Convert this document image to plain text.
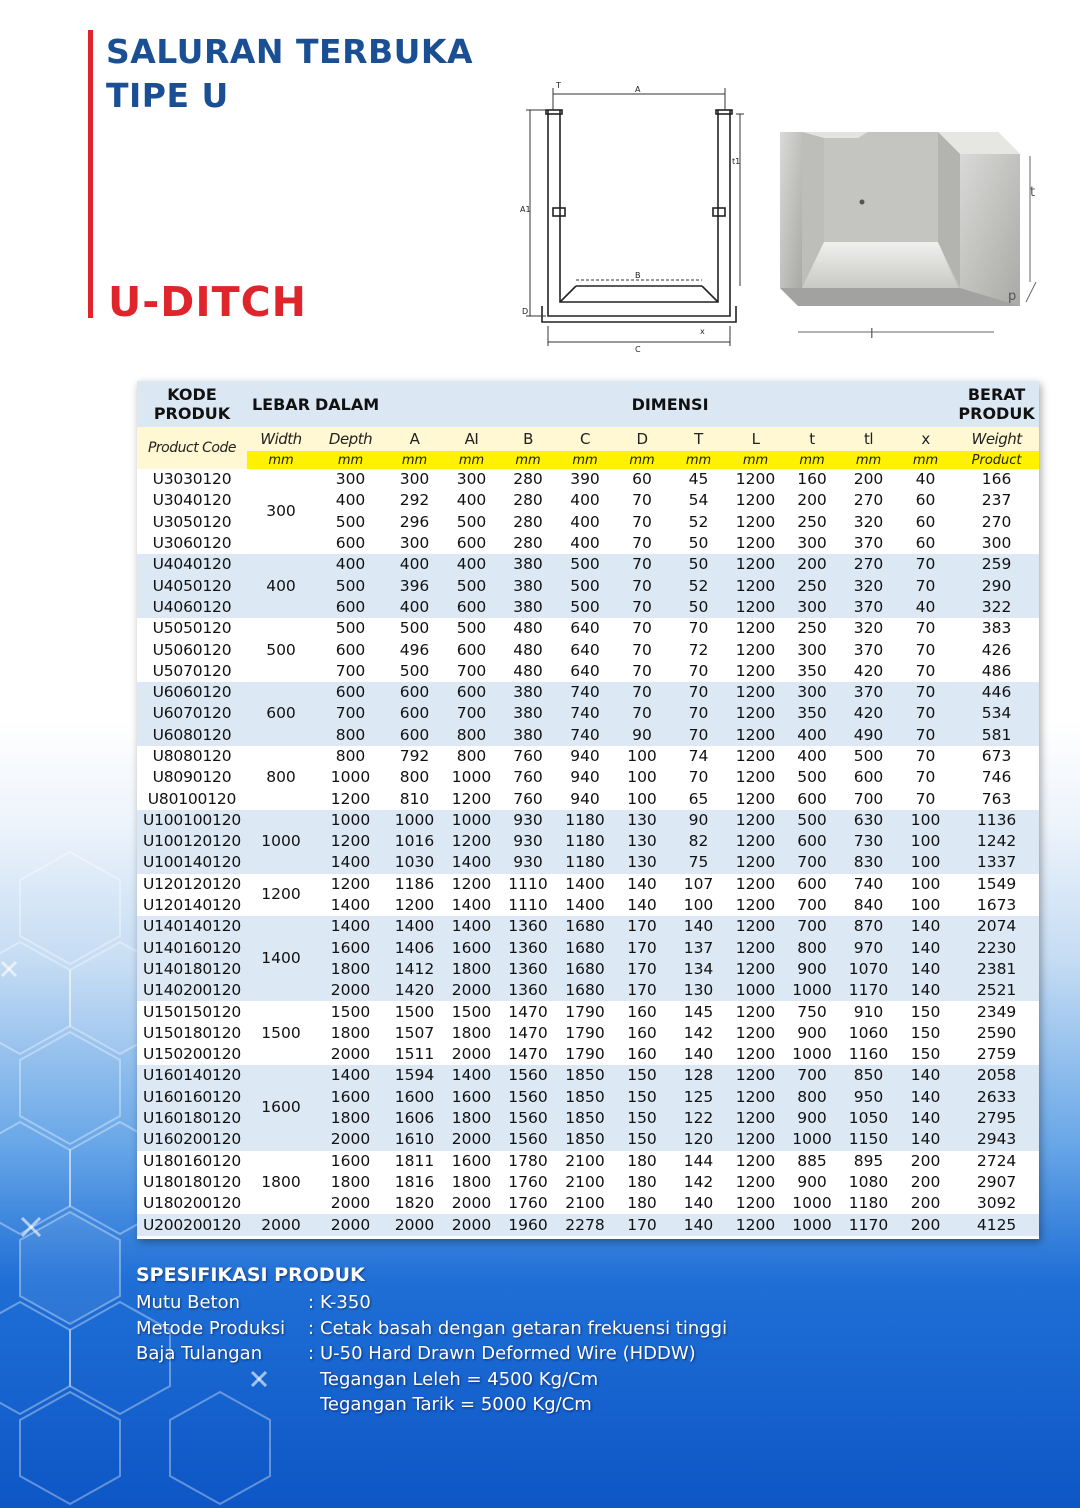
SALURAN TERBUKA
TIPE U
U-DITCH
A
A1
B
C
D
T
t1
x
t
p
l
KODE PRODUK	LEBAR	DALAM	DIMENSI										BERAT PRODUK

Product Code	Width	Depth	A	AI	B	C	D	T	L	t	tl	x	Weight
	mm	mm	mm	mm	mm	mm	mm	mm	mm	mm	mm	mm	Product
U3030120	300	300	300	300	280	390	60	45	1200	160	200	40	166
U3040120		400	292	400	280	400	70	54	1200	200	270	60	237
U3050120		500	296	500	280	400	70	52	1200	250	320	60	270
U3060120		600	300	600	280	400	70	50	1200	300	370	60	300
U4040120	400	400	400	400	380	500	70	50	1200	200	270	70	259
U4050120		500	396	500	380	500	70	52	1200	250	320	70	290
U4060120		600	400	600	380	500	70	50	1200	300	370	40	322
U5050120	500	500	500	500	480	640	70	70	1200	250	320	70	383
U5060120		600	496	600	480	640	70	72	1200	300	370	70	426
U5070120		700	500	700	480	640	70	70	1200	350	420	70	486
U6060120	600	600	600	600	380	740	70	70	1200	300	370	70	446
U6070120		700	600	700	380	740	70	70	1200	350	420	70	534
U6080120		800	600	800	380	740	90	70	1200	400	490	70	581
U8080120	800	800	792	800	760	940	100	74	1200	400	500	70	673
U8090120		1000	800	1000	760	940	100	70	1200	500	600	70	746
U80100120		1200	810	1200	760	940	100	65	1200	600	700	70	763
U100100120	1000	1000	1000	1000	930	1180	130	90	1200	500	630	100	1136
U100120120		1200	1016	1200	930	1180	130	82	1200	600	730	100	1242
U100140120		1400	1030	1400	930	1180	130	75	1200	700	830	100	1337
U120120120	1200	1200	1186	1200	1110	1400	140	107	1200	600	740	100	1549
U120140120		1400	1200	1400	1110	1400	140	100	1200	700	840	100	1673
U140140120	1400	1400	1400	1400	1360	1680	170	140	1200	700	870	140	2074
U140160120		1600	1406	1600	1360	1680	170	137	1200	800	970	140	2230
U140180120		1800	1412	1800	1360	1680	170	134	1200	900	1070	140	2381
U140200120		2000	1420	2000	1360	1680	170	130	1000	1000	1170	140	2521
U150150120	1500	1500	1500	1500	1470	1790	160	145	1200	750	910	150	2349
U150180120		1800	1507	1800	1470	1790	160	142	1200	900	1060	150	2590
U150200120		2000	1511	2000	1470	1790	160	140	1200	1000	1160	150	2759
U160140120	1600	1400	1594	1400	1560	1850	150	128	1200	700	850	140	2058
U160160120		1600	1600	1600	1560	1850	150	125	1200	800	950	140	2633
U160180120		1800	1606	1800	1560	1850	150	122	1200	900	1050	140	2795
U160200120		2000	1610	2000	1560	1850	150	120	1200	1000	1150	140	2943
U180160120	1800	1600	1811	1600	1780	2100	180	144	1200	885	895	200	2724
U180180120		1800	1816	1800	1760	2100	180	142	1200	900	1080	200	2907
U180200120		2000	1820	2000	1760	2100	180	140	1200	1000	1180	200	3092
U200200120	2000	2000	2000	2000	1960	2278	170	140	1200	1000	1170	200	4125
SPESIFIKASI PRODUK
Mutu Beton	: K-350
Metode Produksi : Cetak basah dengan getaran frekuensi tinggi
Baja Tulangan	: U-50 Hard Drawn Deformed Wire (HDDW)
Tegangan Leleh = 4500 Kg/Cm
Tegangan Tarik = 5000 Kg/Cm
